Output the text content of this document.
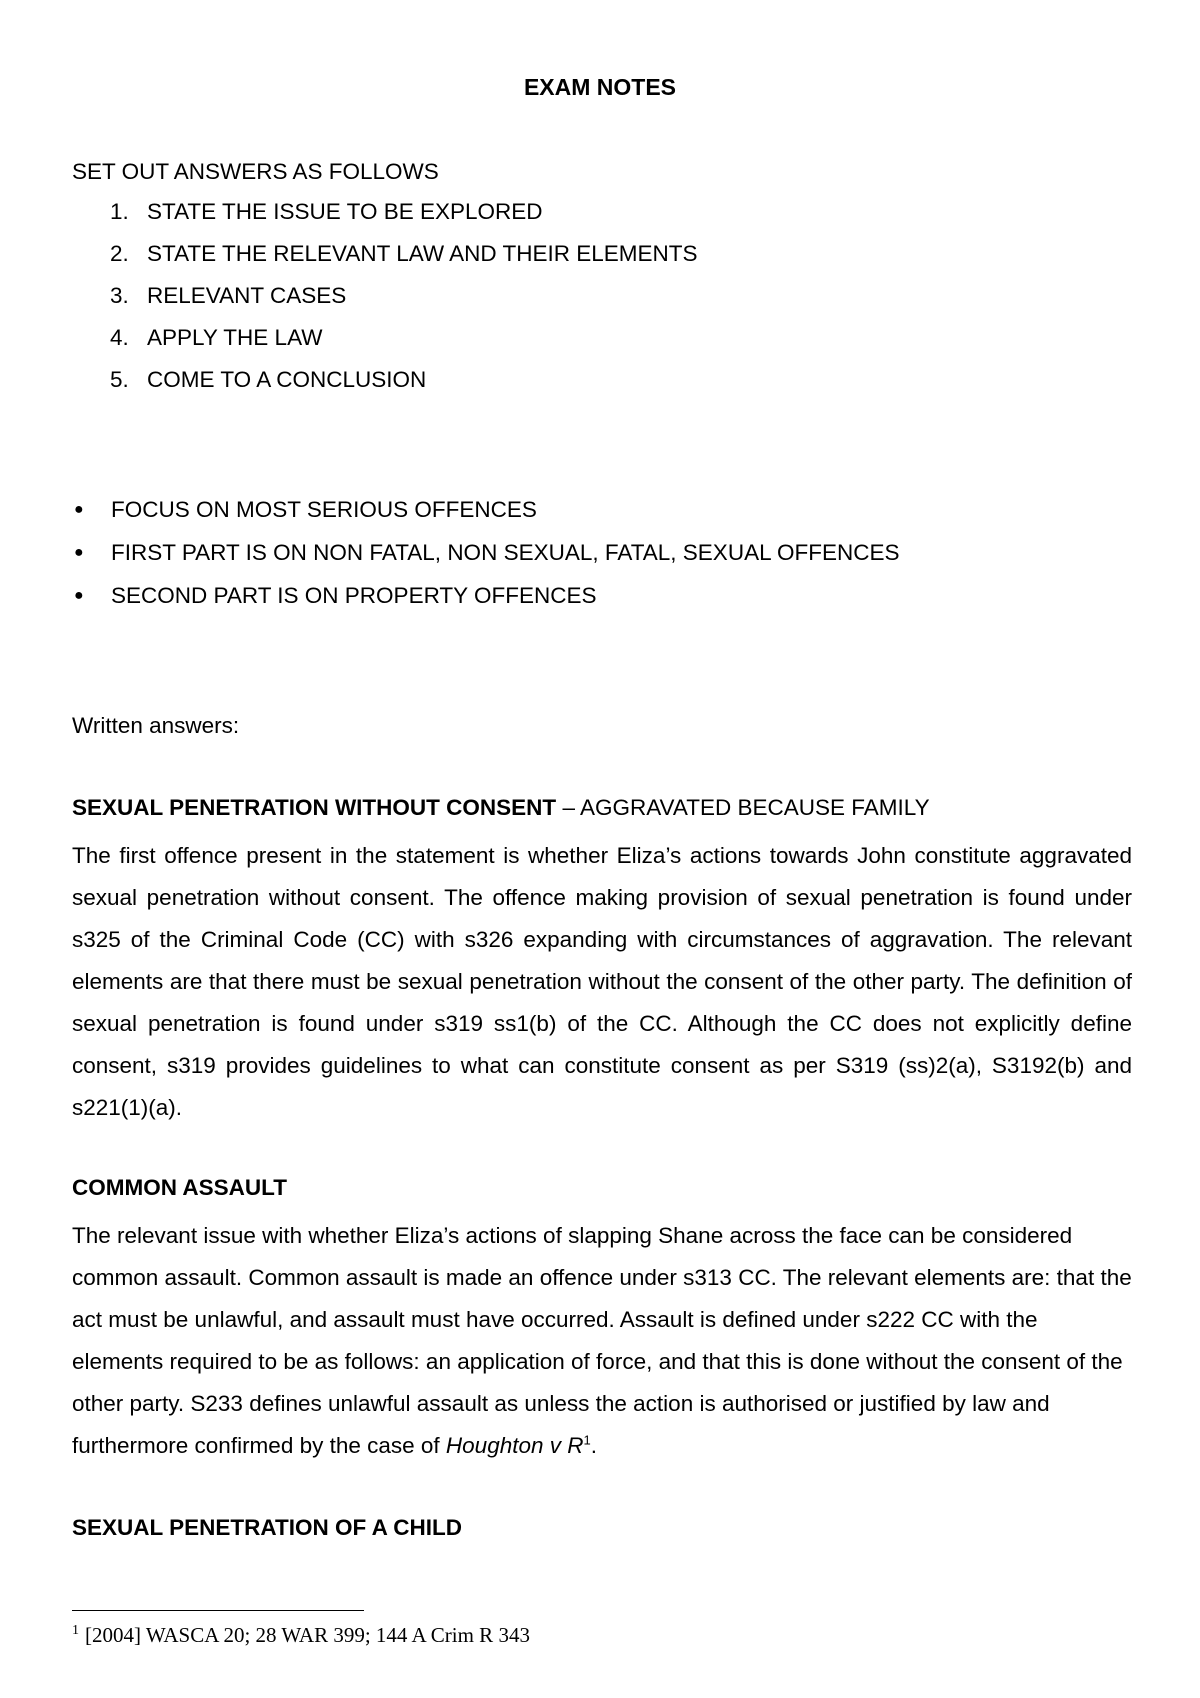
EXAM NOTES
SET OUT ANSWERS AS FOLLOWS
1. STATE THE ISSUE TO BE EXPLORED
2. STATE THE RELEVANT LAW AND THEIR ELEMENTS
3. RELEVANT CASES
4. APPLY THE LAW
5. COME TO A CONCLUSION
●	FOCUS ON MOST SERIOUS OFFENCES
●	FIRST PART IS ON NON FATAL, NON SEXUAL, FATAL, SEXUAL OFFENCES
●	SECOND PART IS ON PROPERTY OFFENCES
Written answers:
SEXUAL PENETRATION WITHOUT CONSENT – AGGRAVATED BECAUSE FAMILY

The first offence present in the statement is whether Eliza’s actions towards John constitute aggravated sexual penetration without consent. The offence making provision of sexual penetration is found under s325 of the Criminal Code (CC) with s326 expanding with circumstances of aggravation. The relevant elements are that there must be sexual penetration without the consent of the other party. The definition of sexual penetration is found under s319 ss1(b) of the CC. Although the CC does not explicitly define consent, s319 provides guidelines to what can constitute consent as per S319 (ss)2(a), S3192(b) and s221(1)(a).

COMMON ASSAULT

The relevant issue with whether Eliza’s actions of slapping Shane across the face can be considered common assault. Common assault is made an offence under s313 CC. The relevant elements are: that the act must be unlawful, and assault must have occurred. Assault is defined under s222 CC with the elements required to be as follows: an application of force, and that this is done without the consent of the other party. S233 defines unlawful assault as unless the action is authorised or justified by law and furthermore confirmed by the case of Houghton v $R^1$.

SEXUAL PENETRATION OF A CHILD
$^1$ [2004] WASCA 20; 28 WAR 399; 144 A Crim R 343
